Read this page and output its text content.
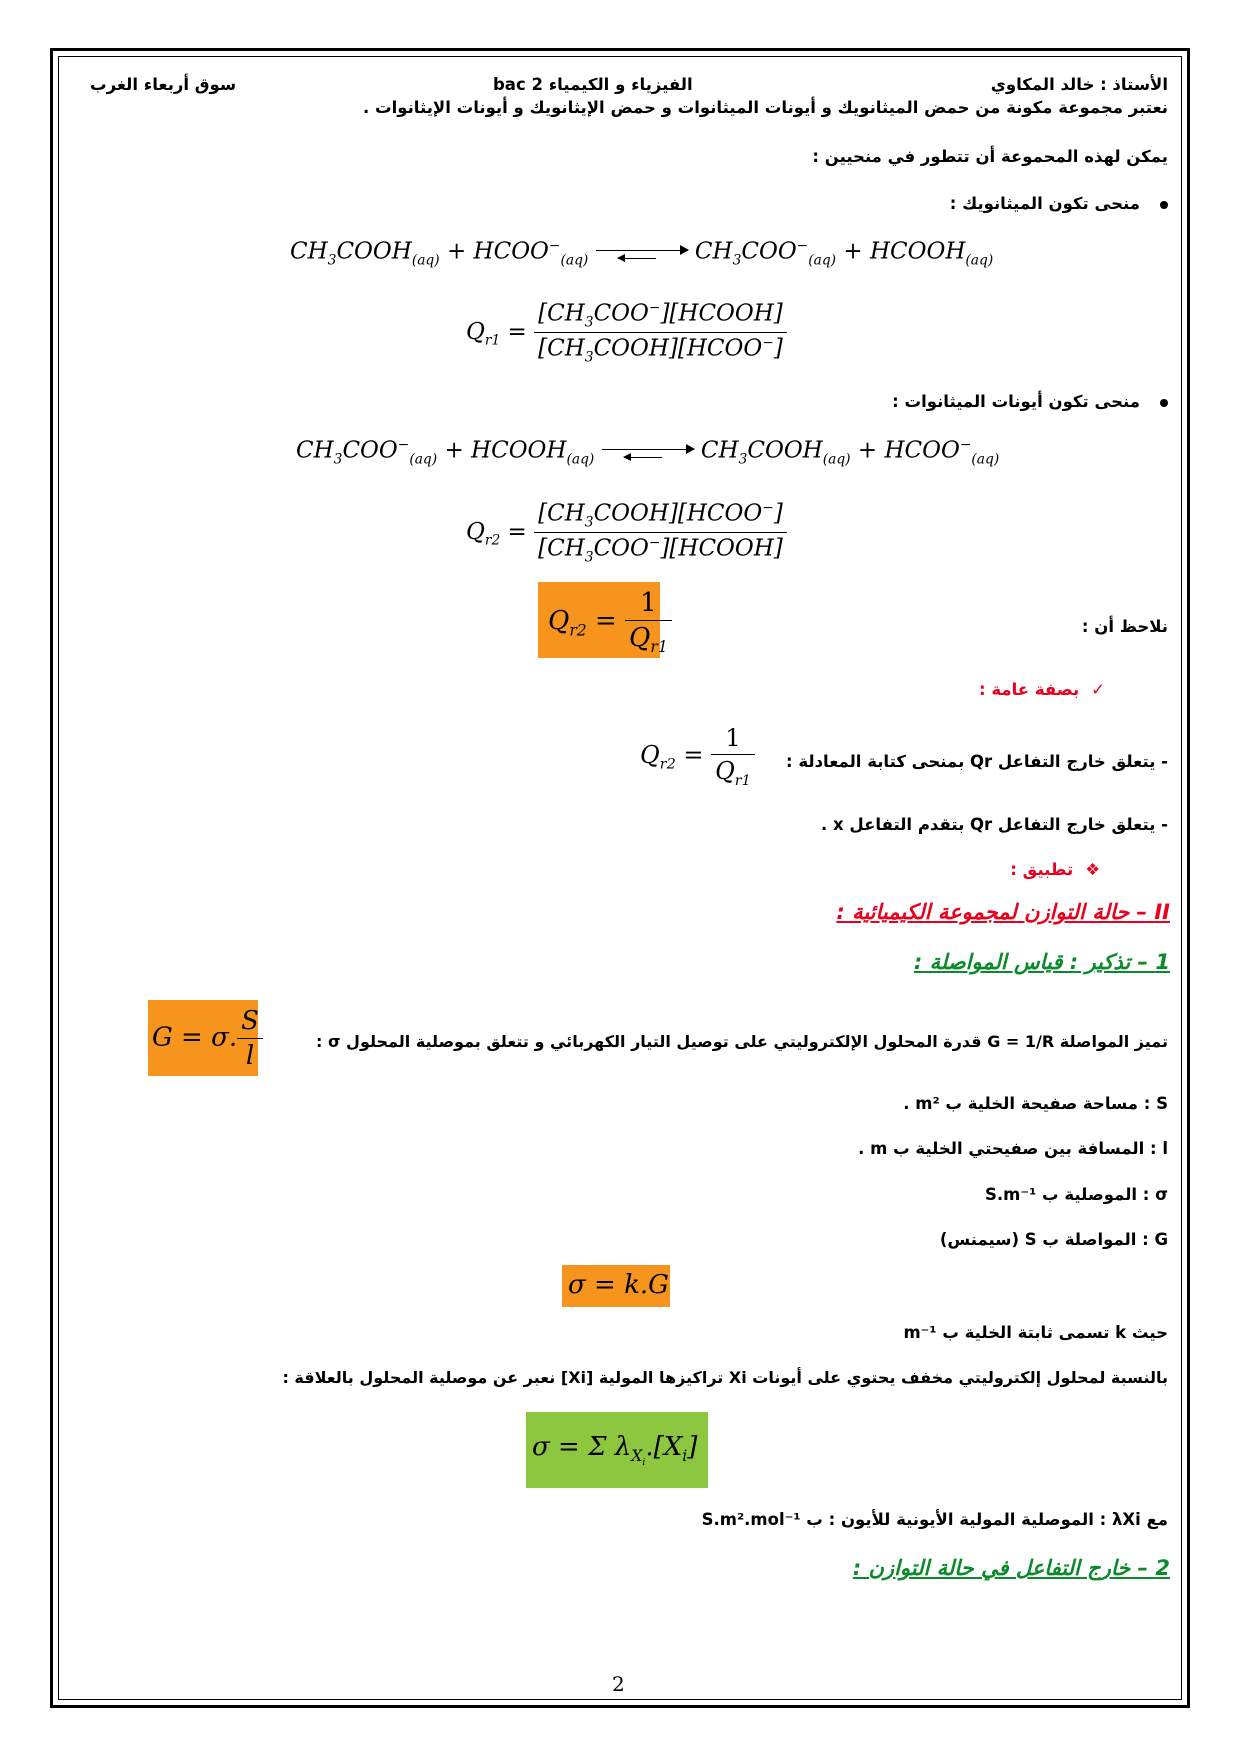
سوق أربعاء الغرب	الفيزياء و الكيمياء 2 bac	الأستاذ : خالد المكاوي
نعتبر مجموعة مكونة من حمض الميثانويك و أيونات الميثانوات و حمض الإيثانويك و أيونات الإيثانوات .
يمكن لهذه المحموعة أن تتطور في منحيين :
منحى تكون الميثانويك :
$CH_3COOH_{(aq)}$ + $HCOO^-_{(aq)}$	$CH_3COO^-_{(aq)}$ + $HCOOH_{(aq)}$
$Q_{r1} = \frac{[CH_3COO^-][HCOOH]}{[CH_3COOH][HCOO^-]}$
منحى تكون أيونات الميثانوات :
$CH_3COO^-_{(aq)}$ + $HCOOH_{(aq)}$	$CH_3COOH_{(aq)}$ + $HCOO^-_{(aq)}$
$Q_{r2} = \frac{[CH_3COOH][HCOO^-]}{[CH_3COO^-][HCOOH]}$
نلاحظ أن :
$Q_{r2} = \frac{1}{Q_{r1}}$
✓بصفة عامة :
- يتعلق خارج التفاعل Qr بمنحى كتابة المعادلة :
$Q_{r2} = \frac{1}{Q_{r1}}$
- يتعلق خارج التفاعل Qr بتقدم التفاعل x .
❖تطبيق :
II – حالة التوازن لمجموعة الكيميائية :
1 – تذكير : قياس المواصلة :
تميز المواصلة G = 1/R قدرة المحلول الإلكتروليتي على توصيل التيار الكهربائي و تتعلق بموصلية المحلول σ :
G = σ. $\frac{S}{l}$
S : مساحة صفيحة الخلية ب m² .
l : المسافة بين صفيحتي الخلية ب m .
σ : الموصلية ب S.m⁻¹
G : المواصلة ب S (سيمنس)
σ = k.G
حيث k تسمى ثابتة الخلية ب m⁻¹
بالنسبة لمحلول إلكتروليتي مخفف يحتوي على أيونات Xi تراكيزها المولية [Xi] نعبر عن موصلية المحلول بالعلاقة :
σ = Σ $\lambda_{X_i}.[X_i]$
مع λXi : الموصلية المولية الأيونية للأيون : ب S.m².mol⁻¹
2 – خارج التفاعل في حالة التوازن :
2
